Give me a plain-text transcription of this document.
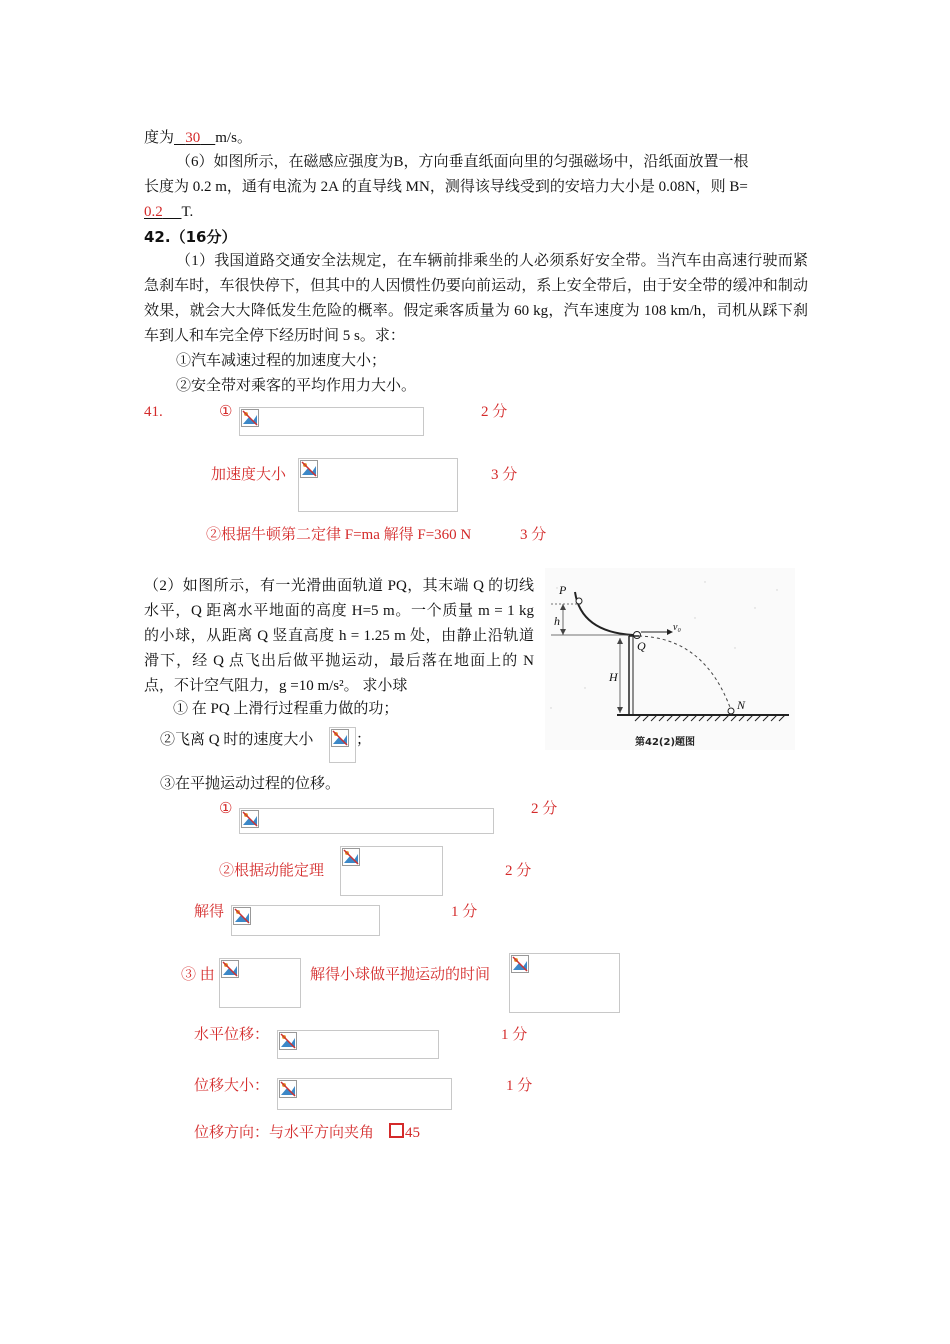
度为 30 m/s。
（6）如图所示，在磁感应强度为B，方向垂直纸面向里的匀强磁场中，沿纸面放置一根
长度为 0.2 m，通有电流为 2A 的直导线 MN，测得该导线受到的安培力大小是 0.08N，则 B=
0.2 T.
42.（16分）
（1）我国道路交通安全法规定，在车辆前排乘坐的人必须系好安全带。当汽车由高速行驶而紧急刹车时，车很快停下，但其中的人因惯性仍要向前运动，系上安全带后，由于安全带的缓冲和制动效果，就会大大降低发生危险的概率。假定乘客质量为 60 kg，汽车速度为 108 km/h，司机从踩下刹车到人和车完全停下经历时间 5 s。求：
①汽车减速过程的加速度大小；
②安全带对乘客的平均作用力大小。
41.	①	2 分
加速度大小	3 分
②根据牛顿第二定律 F=ma 解得 F=360 N	3 分
（2）如图所示，有一光滑曲面轨道 PQ，其末端 Q 的切线水平，Q 距离水平地面的高度 H=5 m。一个质量 m = 1 kg 的小球，从距离 Q 竖直高度 h = 1.25 m 处，由静止沿轨道滑下，经 Q 点飞出后做平抛运动，最后落在地面上的 N 点，不计空气阻力，g =10 m/s²。 求小球
① 在 PQ 上滑行过程重力做的功；
②飞离 Q 时的速度大小	；
③在平抛运动过程的位移。
P
h
Q
v₀
H
N
第42(2)题图
①	2 分
②根据动能定理	2 分
解得	1 分
③ 由	解得小球做平抛运动的时间
水平位移：	1 分
位移大小：	1 分
位移方向：与水平方向夹角 45
